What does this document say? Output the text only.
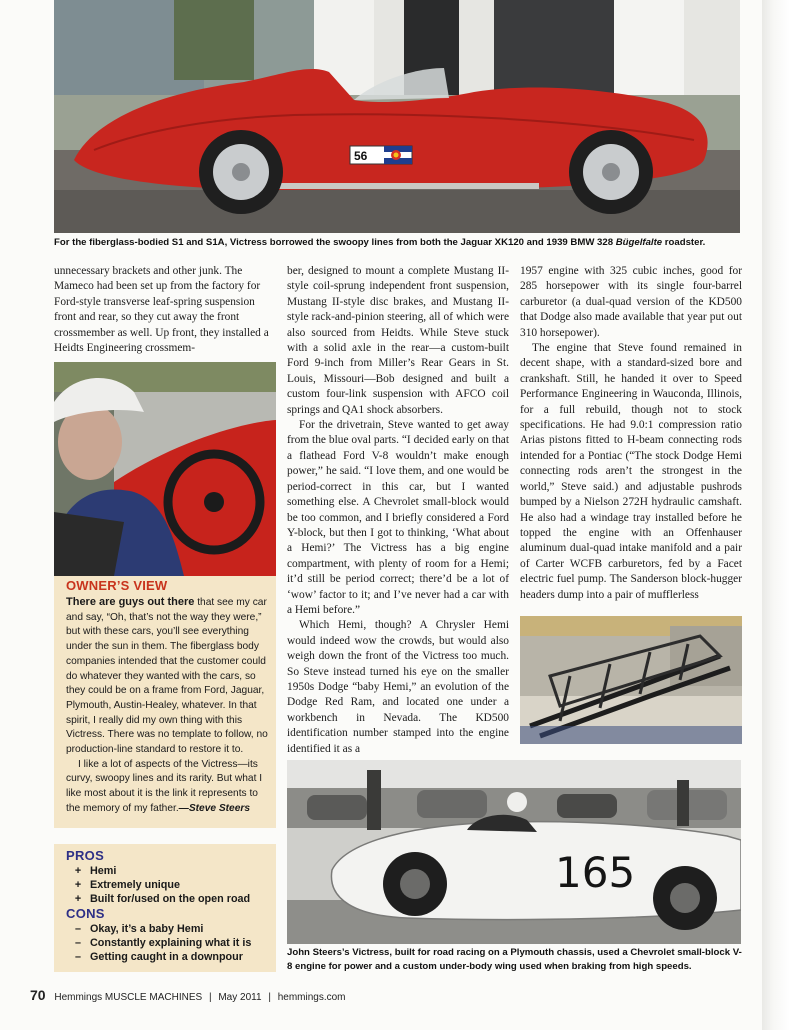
56
For the fiberglass-bodied S1 and S1A, Victress borrowed the swoopy lines from both the Jaguar XK120 and 1939 BMW 328 Bügelfalte roadster.

unnecessary brackets and other junk. The Mameco had been set up from the factory for Ford-style transverse leaf-spring suspension front and rear, so they cut away the front crossmember as well. Up front, they installed a Heidts Engineering crossmem-

OWNER’S VIEW

There are guys out there that see my car and say, “Oh, that’s not the way they were,” but with these cars, you’ll see everything under the sun in them. The fiberglass body companies intended that the customer could do whatever they wanted with the cars, so they could be on a frame from Ford, Jaguar, Plymouth, Austin-Healey, whatever. In that spirit, I really did my own thing with this Victress. There was no template to follow, no production-line standard to restore it to.

I like a lot of aspects of the Victress—its curvy, swoopy lines and its rarity. But what I like most about it is the link it represents to the memory of my father.—Steve Steers

PROS
+ Hemi
+ Extremely unique
+ Built for/used on the open road
CONS
– Okay, it’s a baby Hemi
– Constantly explaining what it is
– Getting caught in a downpour

ber, designed to mount a complete Mustang II-style coil-sprung independent front suspension, Mustang II-style disc brakes, and Mustang II-style rack-and-pinion steering, all of which were also sourced from Heidts. While Steve stuck with a solid axle in the rear—a custom-built Ford 9-inch from Miller’s Rear Gears in St. Louis, Missouri—Bob designed and built a custom four-link suspension with AFCO coil springs and QA1 shock absorbers.

For the drivetrain, Steve wanted to get away from the blue oval parts. “I decided early on that a flathead Ford V-8 wouldn’t make enough power,” he said. “I love them, and one would be period-correct in this car, but I wanted something else. A Chevrolet small-block would be too common, and I briefly considered a Ford Y-block, but then I got to thinking, ‘What about a Hemi?’ The Victress has a big engine compartment, with plenty of room for a Hemi; it’d still be period correct; there’d be a lot of ‘wow’ factor to it; and I’ve never had a car with a Hemi before.”

Which Hemi, though? A Chrysler Hemi would indeed wow the crowds, but would also weigh down the front of the Victress too much. So Steve instead turned his eye on the smaller 1950s Dodge “baby Hemi,” an evolution of the Dodge Red Ram, and located one under a workbench in Nevada. The KD500 identification number stamped into the engine identified it as a

1957 engine with 325 cubic inches, good for 285 horsepower with its single four-barrel carburetor (a dual-quad version of the KD500 that Dodge also made available that year put out 310 horsepower).

The engine that Steve found remained in decent shape, with a standard-sized bore and crankshaft. Still, he handed it over to Speed Performance Engineering in Wauconda, Illinois, for a full rebuild, though not to stock specifications. He had 9.0:1 compression ratio Arias pistons fitted to H-beam connecting rods intended for a Pontiac (“The stock Dodge Hemi connecting rods aren’t the strongest in the world,” Steve said.) and adjustable pushrods bumped by a Nielson 272H hydraulic camshaft. He also had a windage tray installed before he topped the engine with an Offenhauser aluminum dual-quad intake manifold and a pair of Carter WCFB carburetors, fed by a Facet electric fuel pump. The Sanderson block-hugger headers dump into a pair of mufflerless

165
John Steers’s Victress, built for road racing on a Plymouth chassis, used a Chevrolet small-block V-8 engine for power and a custom under-body wing used when braking from high speeds.
70 Hemmings MUSCLE MACHINES | May 2011 | hemmings.com
